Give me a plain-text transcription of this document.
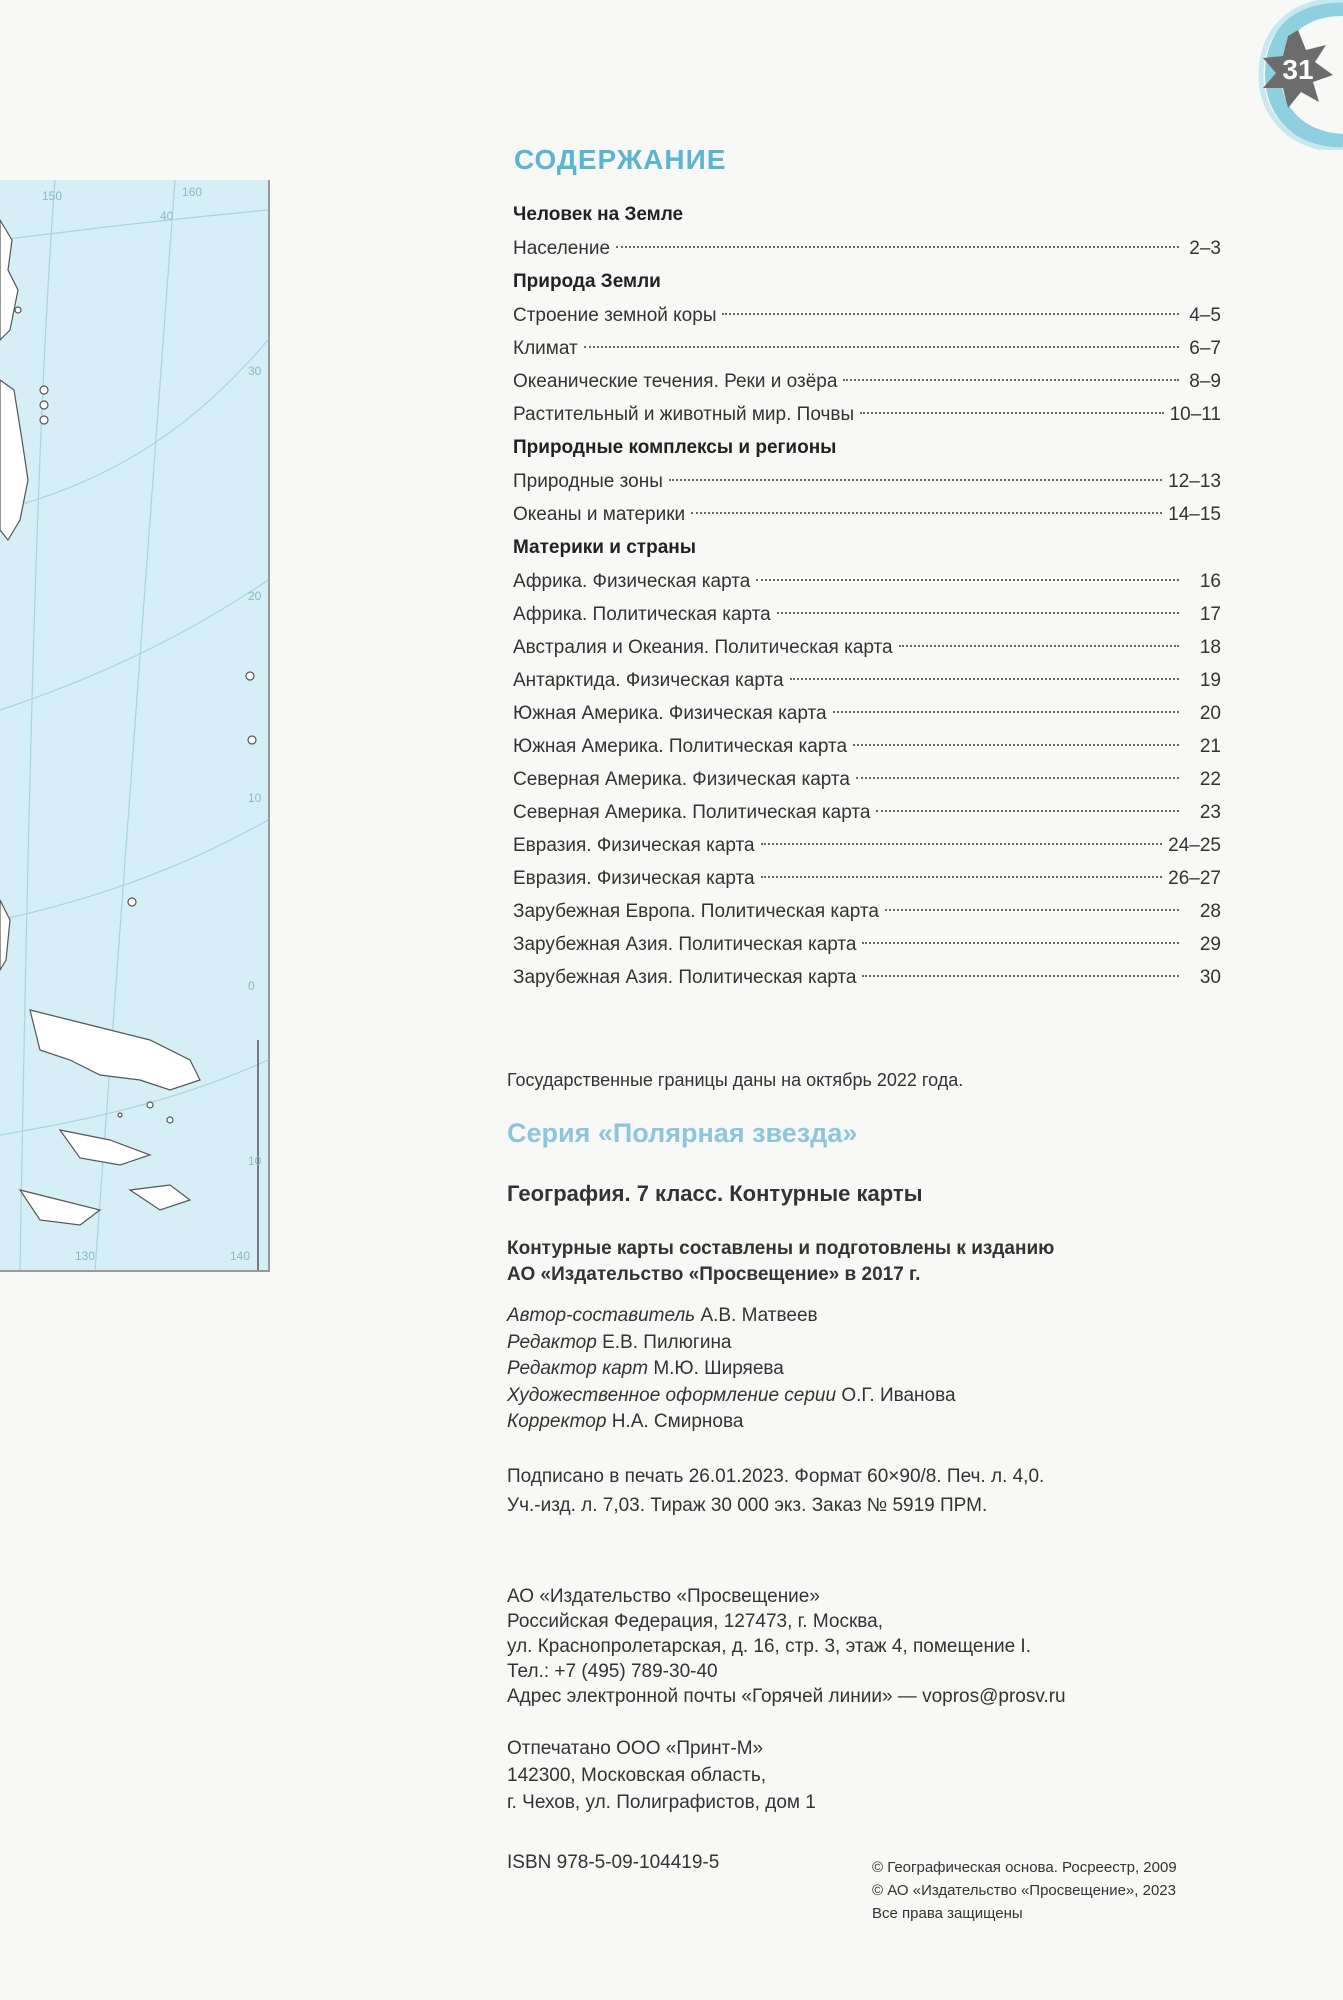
31
150	160
40
30
20
10
0
10
130	140
СОДЕРЖАНИЕ
Человек на Земле
Население	2–3
Природа Земли
Строение земной коры	4–5
Климат	6–7
Океанические течения. Реки и озёра	8–9
Растительный и животный мир. Почвы	10–11
Природные комплексы и регионы
Природные зоны	12–13
Океаны и материки	14–15
Материки и страны
Африка. Физическая карта	16
Африка. Политическая карта	17
Австралия и Океания. Политическая карта	18
Антарктида. Физическая карта	19
Южная Америка. Физическая карта	20
Южная Америка. Политическая карта	21
Северная Америка. Физическая карта	22
Северная Америка. Политическая карта	23
Евразия. Физическая карта	24–25
Евразия. Физическая карта	26–27
Зарубежная Европа. Политическая карта	28
Зарубежная Азия. Политическая карта	29
Зарубежная Азия. Политическая карта	30
Государственные границы даны на октябрь 2022 года.
Серия «Полярная звезда»
География. 7 класс. Контурные карты
Контурные карты составлены и подготовлены к изданию
АО «Издательство «Просвещение» в 2017 г.
Автор-составитель А.В. Матвеев
Редактор Е.В. Пилюгина
Редактор карт М.Ю. Ширяева
Художественное оформление серии О.Г. Иванова
Корректор Н.А. Смирнова
Подписано в печать 26.01.2023. Формат 60×90/8. Печ. л. 4,0.
Уч.-изд. л. 7,03. Тираж 30 000 экз. Заказ № 5919 ПРМ.
АО «Издательство «Просвещение»
Российская Федерация, 127473, г. Москва,
ул. Краснопролетарская, д. 16, стр. 3, этаж 4, помещение I.
Тел.: +7 (495) 789-30-40
Адрес электронной почты «Горячей линии» — vopros@prosv.ru
Отпечатано ООО «Принт-М»
142300, Московская область,
г. Чехов, ул. Полиграфистов, дом 1
ISBN 978-5-09-104419-5	© Географическая основа. Росреестр, 2009
© АО «Издательство «Просвещение», 2023
Все права защищены
